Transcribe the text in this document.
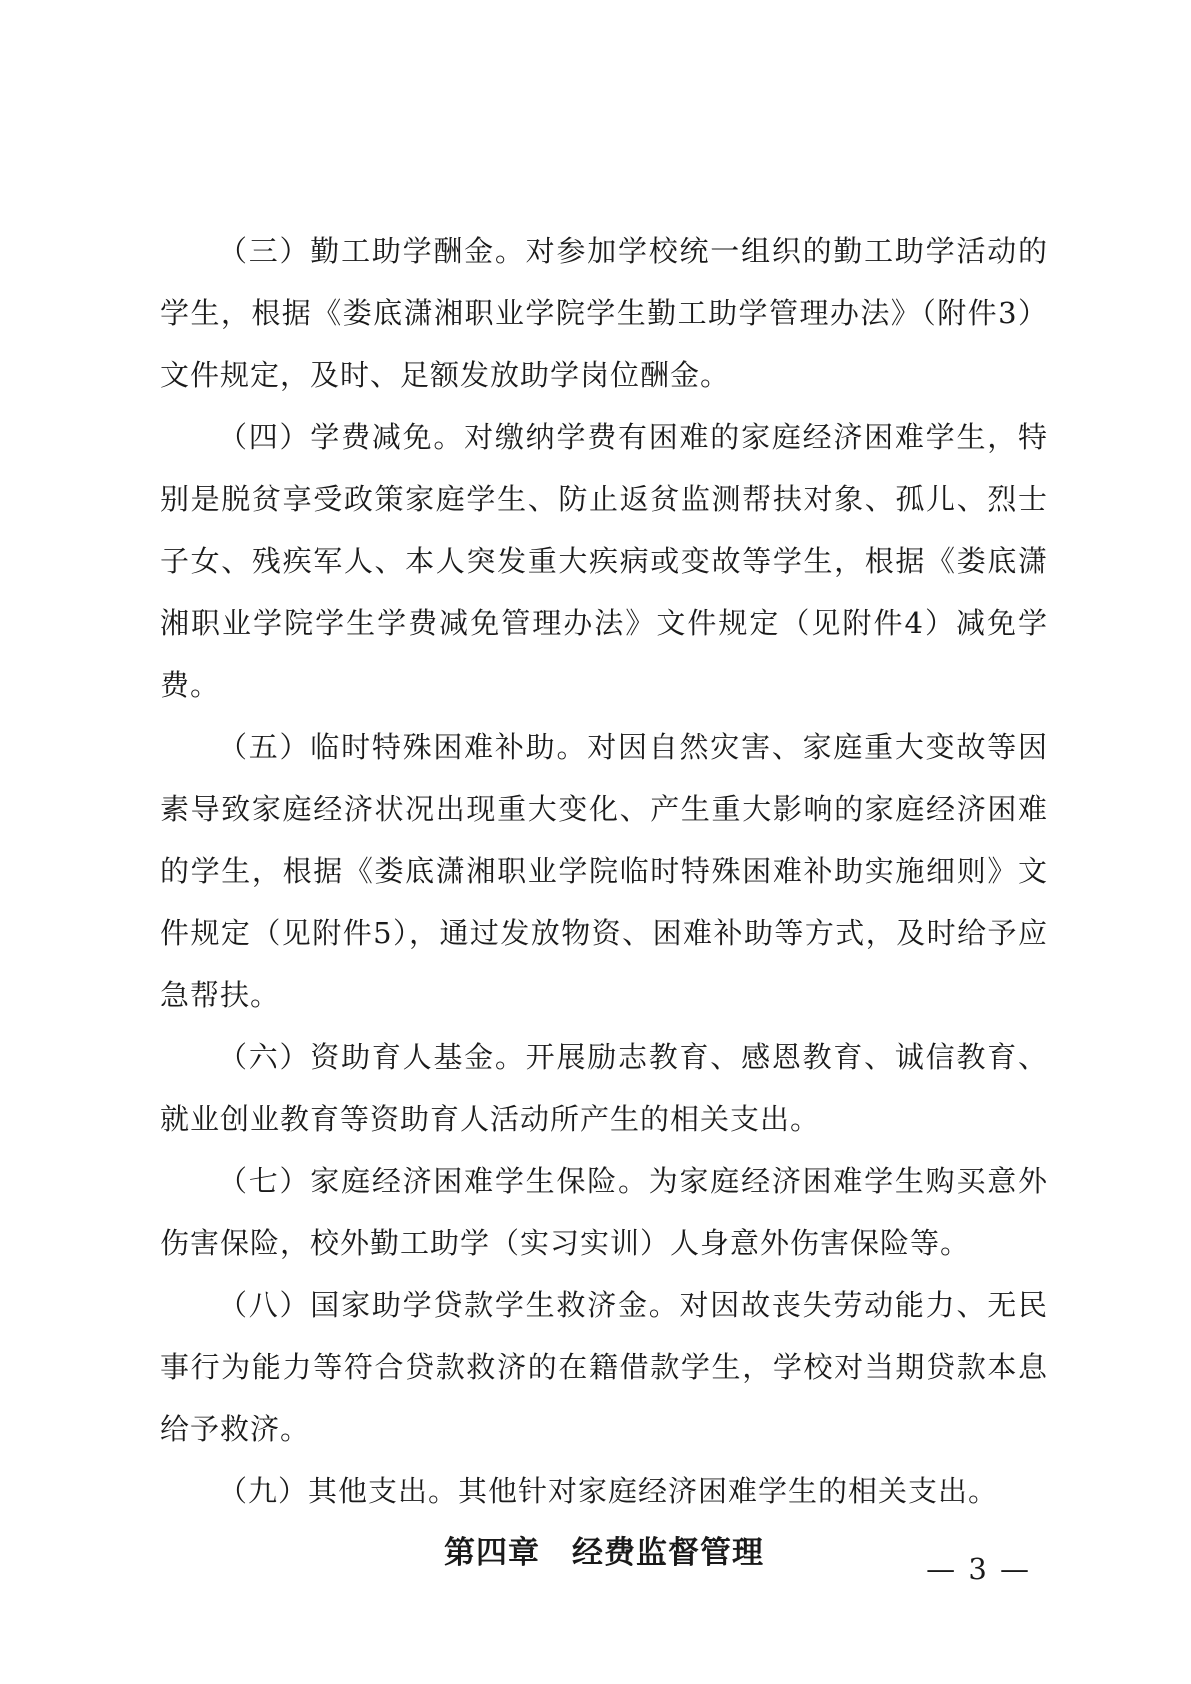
（三）勤工助学酬金。对参加学校统一组织的勤工助学活动的学生，根据《娄底潇湘职业学院学生勤工助学管理办法》（附件3）文件规定，及时、足额发放助学岗位酬金。

（四）学费减免。对缴纳学费有困难的家庭经济困难学生，特别是脱贫享受政策家庭学生、防止返贫监测帮扶对象、孤儿、烈士子女、残疾军人、本人突发重大疾病或变故等学生，根据《娄底潇湘职业学院学生学费减免管理办法》文件规定（见附件4）减免学费。

（五）临时特殊困难补助。对因自然灾害、家庭重大变故等因素导致家庭经济状况出现重大变化、产生重大影响的家庭经济困难的学生，根据《娄底潇湘职业学院临时特殊困难补助实施细则》文件规定（见附件5），通过发放物资、困难补助等方式，及时给予应急帮扶。

（六）资助育人基金。开展励志教育、感恩教育、诚信教育、就业创业教育等资助育人活动所产生的相关支出。

（七）家庭经济困难学生保险。为家庭经济困难学生购买意外伤害保险，校外勤工助学（实习实训）人身意外伤害保险等。

（八）国家助学贷款学生救济金。对因故丧失劳动能力、无民事行为能力等符合贷款救济的在籍借款学生，学校对当期贷款本息给予救济。

（九）其他支出。其他针对家庭经济困难学生的相关支出。

第四章　经费监督管理	— 3 —
